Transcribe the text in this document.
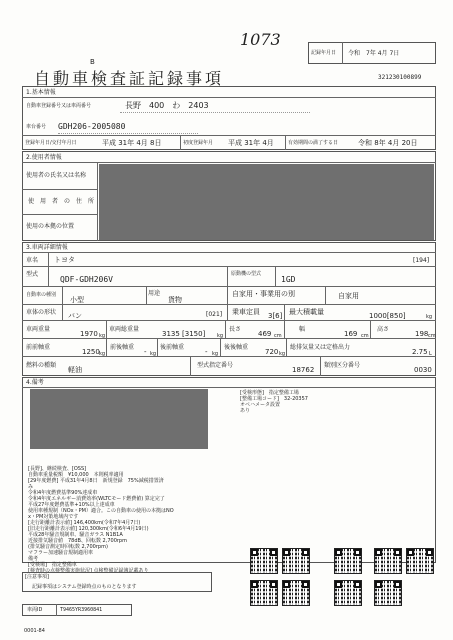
1073
B
記録年月日 令和　7年 4月 7日
自動車検査証記録事項	321230100899
1.基本情報
自動車登録番号又は車両番号	長野　400　わ　2403
車台番号 GDH206-2005080
登録年月日/交付年月日	平成 31年 4月 8日	初度登録年月 平成 31年 4月	有効期間の満了する日	令和 8年 4月 20日
2.使用者情報
使用者の氏名又は名称
使　用　者　の　住　所
使用の本拠の位置
3.車両詳細情報
車名 トヨタ	[194]
型式
QDF-GDH206V
原動機の型式
1GD
自動車の種別
小型
用途
貨物
自家用・事業用の別	自家用
車体の形状 バン	[021] 乗車定員 3[6] 最大積載量	1000[850]	kg
車両重量
1970 kg
車両総重量
3135 [3150] kg
長さ
469 cm
幅
169 cm
高さ
198 cm
前前軸重
1250 kg
前後軸重
- kg
後前軸重
- kg
後後軸重
720 kg
総排気量又は定格出力
2.75 L
燃料の種類
軽油
型式指定番号
18762
類別区分番号
0030
4.備考
[長野]、継続検査、[OSS]
自動車重量税額　¥10,000　本則税率適用
[29年度燃費] 平成31年4月8日　新規登録　75%減税措置済
み
令和4年度燃費基準90%達成車
令和4年度エネルギー消費効率(WLTCモード燃費値) 算定完了
平成27年度燃費基準+10%以上達成車
使用車種規制（NOx・PM）適合。この自動車の使用の本拠はNO
x・PM対策地域内です
[走行距離計表示値] 146,400km(令和7年4月7日)
[旧走行距離計表示値] 120,300km(令和6年4月19日)
平成28年騒音規制車、騒音ガラス N1B1A
近接排気騒音値　78dB、回転数 2,700rpm
(排気騒音測定時回転数 2,700rpm)
マフラー加速騒音規制適用車
備考
[受検場]　指定整備車
[検査時の点検整備実施状況] 点検整備記録簿記載あり
[受検形態]　指定整備工場
[整備工場コード]　32-20357
オペハメータ設置
あり
[注意事項]
記録事項はシステム登録時点のものとなります
車両ID	T9465YR3960841
0001-84
